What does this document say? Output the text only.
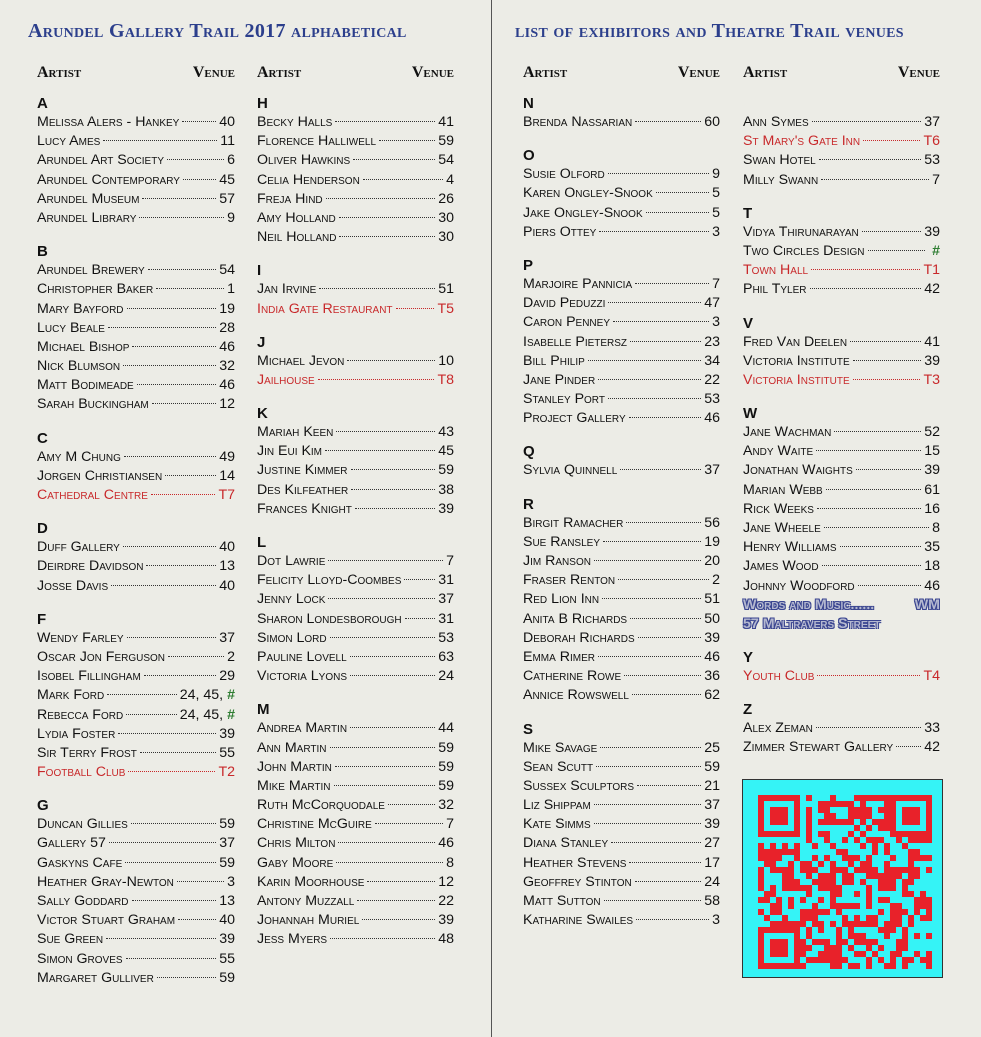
Arundel Gallery Trail 2017 alphabetical	list of exhibitors and Theatre Trail venues
Artist	Venue
A
Melissa Alers - Hankey	40
Lucy Ames	11
Arundel Art Society	6
Arundel Contemporary	45
Arundel Museum	57
Arundel Library	9
B
Arundel Brewery	54
Christopher Baker	1
Mary Bayford	19
Lucy Beale	28
Michael Bishop	46
Nick Blumson	32
Matt Bodimeade	46
Sarah Buckingham	12
C
Amy M Chung	49
Jorgen Christiansen	14
Cathedral Centre	T7
D
Duff Gallery	40
Deirdre Davidson	13
Josse Davis	40
F
Wendy Farley	37
Oscar Jon Ferguson	2
Isobel Fillingham	29
Mark Ford	24, 45, #
Rebecca Ford	24, 45, #
Lydia Foster	39
Sir Terry Frost	55
Football Club	T2
G
Duncan Gillies	59
Gallery 57	37
Gaskyns Cafe	59
Heather Gray-Newton	3
Sally Goddard	13
Victor Stuart Graham	40
Sue Green	39
Simon Groves	55
Margaret Gulliver	59
Artist	Venue
H
Becky Halls	41
Florence Halliwell	59
Oliver Hawkins	54
Celia Henderson	4
Freja Hind	26
Amy Holland	30
Neil Holland	30
I
Jan Irvine	51
India Gate Restaurant	T5
J
Michael Jevon	10
Jailhouse	T8
K
Mariah Keen	43
Jin Eui Kim	45
Justine Kimmer	59
Des Kilfeather	38
Frances Knight	39
L
Dot Lawrie	7
Felicity Lloyd-Coombes	31
Jenny Lock	37
Sharon Londesborough	31
Simon Lord	53
Pauline Lovell	63
Victoria Lyons	24
M
Andrea Martin	44
Ann Martin	59
John Martin	59
Mike Martin	59
Ruth McCorquodale	32
Christine McGuire	7
Chris Milton	46
Gaby Moore	8
Karin Moorhouse	12
Antony Muzzall	22
Johannah Muriel	39
Jess Myers	48
Artist	Venue
N
Brenda Nassarian	60
O
Susie Olford	9
Karen Ongley-Snook	5
Jake Ongley-Snook	5
Piers Ottey	3
P
Marjoire Pannicia	7
David Peduzzi	47
Caron Penney	3
Isabelle Pietersz	23
Bill Philip	34
Jane Pinder	22
Stanley Port	53
Project Gallery	46
Q
Sylvia Quinnell	37
R
Birgit Ramacher	56
Sue Ransley	19
Jim Ranson	20
Fraser Renton	2
Red Lion Inn	51
Anita B Richards	50
Deborah Richards	39
Emma Rimer	46
Catherine Rowe	36
Annice Rowswell	62
S
Mike Savage	25
Sean Scutt	59
Sussex Sculptors	21
Liz Shippam	37
Kate Simms	39
Diana Stanley	27
Heather Stevens	17
Geoffrey Stinton	24
Matt Sutton	58
Katharine Swailes	3
Artist	Venue
Ann Symes	37
St Mary's Gate Inn	T6
Swan Hotel	53
Milly Swann	7
T
Vidya Thirunarayan	39
Two Circles Design	#
Town Hall	T1
Phil Tyler	42
V
Fred Van Deelen	41
Victoria Institute	39
Victoria Institute	T3
W
Jane Wachman	52
Andy Waite	15
Jonathan Waights	39
Marian Webb	61
Rick Weeks	16
Jane Wheele	8
Henry Williams	35
James Wood	18
Johnny Woodford	46
Words and Music......	WM
57 Maltravers Street
Y
Youth Club	T4
Z
Alex Zeman	33
Zimmer Stewart Gallery 42
